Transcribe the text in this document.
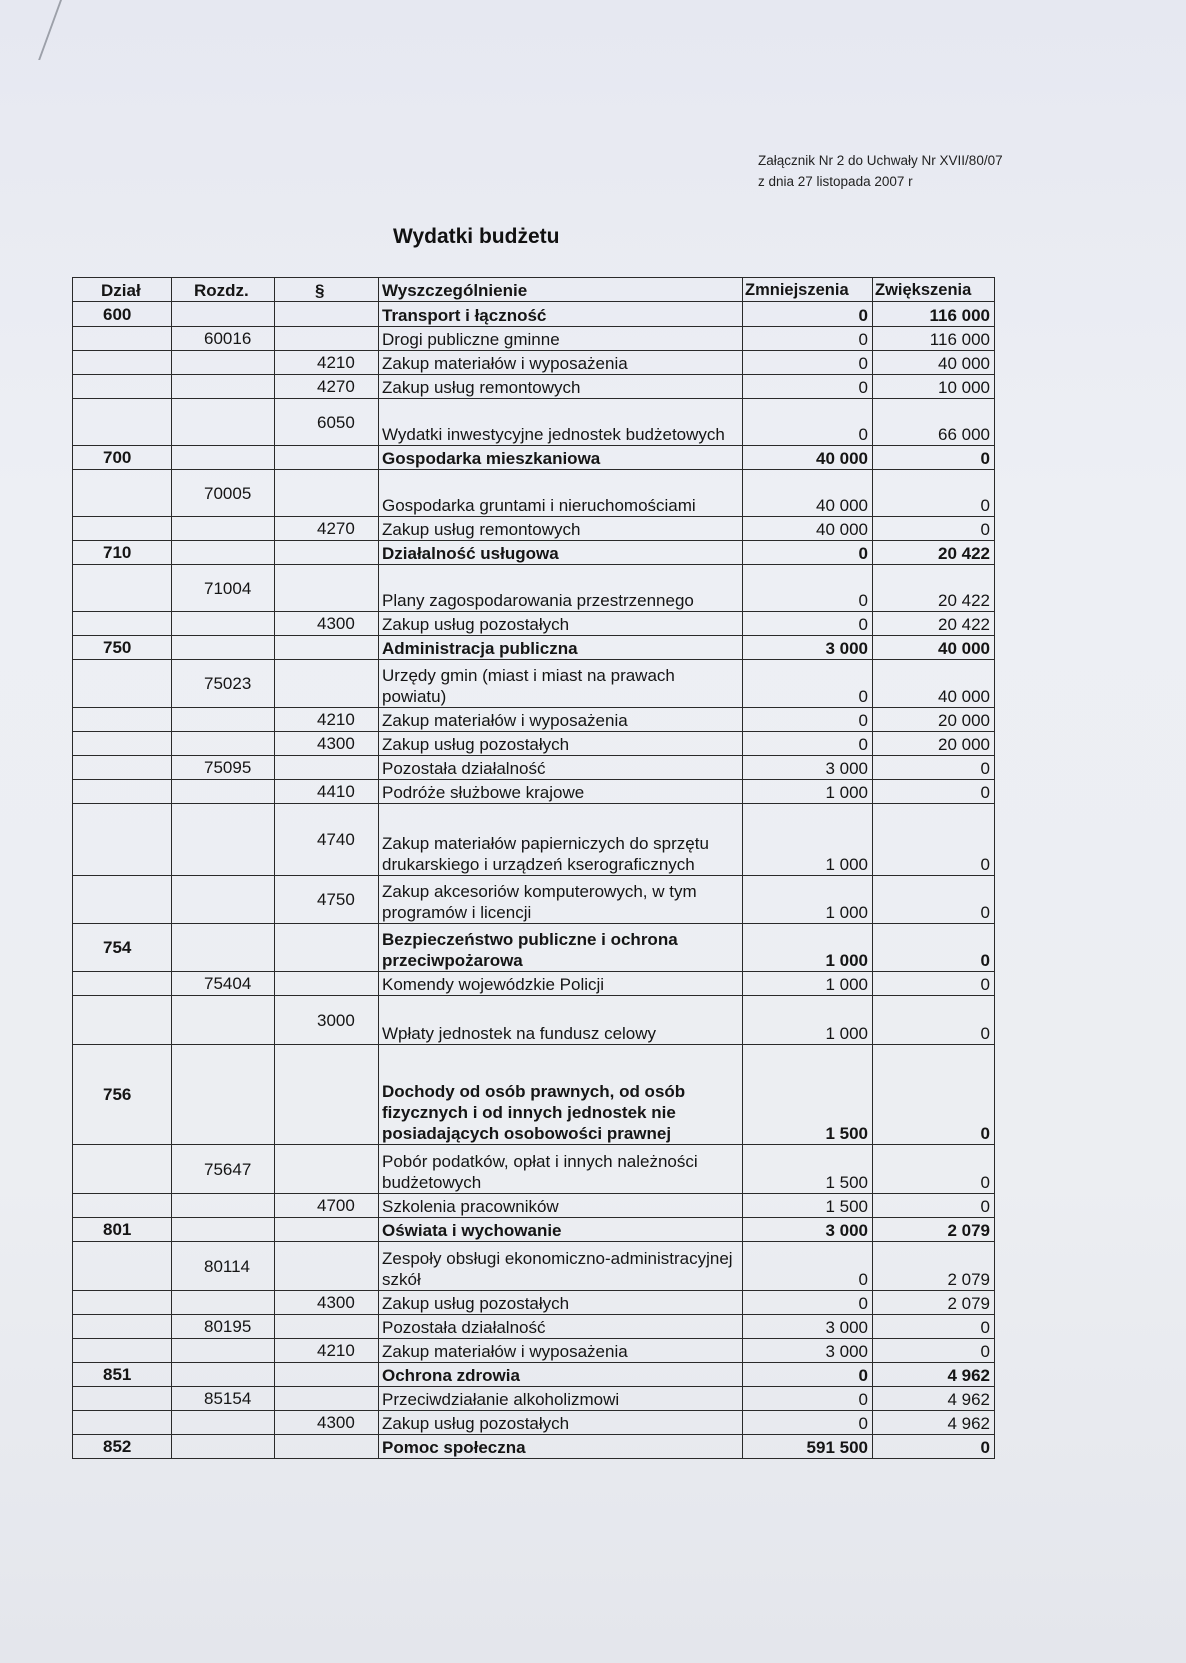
Załącznik Nr 2 do Uchwały Nr XVII/80/07 z dnia 27 listopada 2007 r
Wydatki budżetu
Dział	Rozdz.	§	Wyszczególnienie	Zmniejszenia	Zwiększenia
600			Transport i łączność	0	116 000
	60016		Drogi publiczne gminne	0	116 000
		4210	Zakup materiałów i wyposażenia	0	40 000
		4270	Zakup usług remontowych	0	10 000
		6050	Wydatki inwestycyjne jednostek budżetowych	0	66 000
700			Gospodarka mieszkaniowa	40 000	0
	70005		Gospodarka gruntami i nieruchomościami	40 000	0
		4270	Zakup usług remontowych	40 000	0
710			Działalność usługowa	0	20 422
	71004		Plany zagospodarowania przestrzennego	0	20 422
		4300	Zakup usług pozostałych	0	20 422
750			Administracja publiczna	3 000	40 000
	75023		Urzędy gmin (miast i miast na prawach powiatu)	0	40 000
		4210	Zakup materiałów i wyposażenia	0	20 000
		4300	Zakup usług pozostałych	0	20 000
	75095		Pozostała działalność	3 000	0
		4410	Podróże służbowe krajowe	1 000	0
		4740	Zakup materiałów papierniczych do sprzętu drukarskiego i urządzeń kserograficznych	1 000	0
		4750	Zakup akcesoriów komputerowych, w tym programów i licencji	1 000	0
754			Bezpieczeństwo publiczne i ochrona przeciwpożarowa	1 000	0
	75404		Komendy wojewódzkie Policji	1 000	0
		3000	Wpłaty jednostek na fundusz celowy	1 000	0
756			Dochody od osób prawnych, od osób fizycznych i od innych jednostek nie posiadających osobowości prawnej	1 500	0
	75647		Pobór podatków, opłat i innych należności budżetowych	1 500	0
		4700	Szkolenia pracowników	1 500	0
801			Oświata i wychowanie	3 000	2 079
	80114		Zespoły obsługi ekonomiczno-administracyjnej szkół	0	2 079
		4300	Zakup usług pozostałych	0	2 079
	80195		Pozostała działalność	3 000	0
		4210	Zakup materiałów i wyposażenia	3 000	0
851			Ochrona zdrowia	0	4 962
	85154		Przeciwdziałanie alkoholizmowi	0	4 962
		4300	Zakup usług pozostałych	0	4 962
852			Pomoc społeczna	591 500	0
